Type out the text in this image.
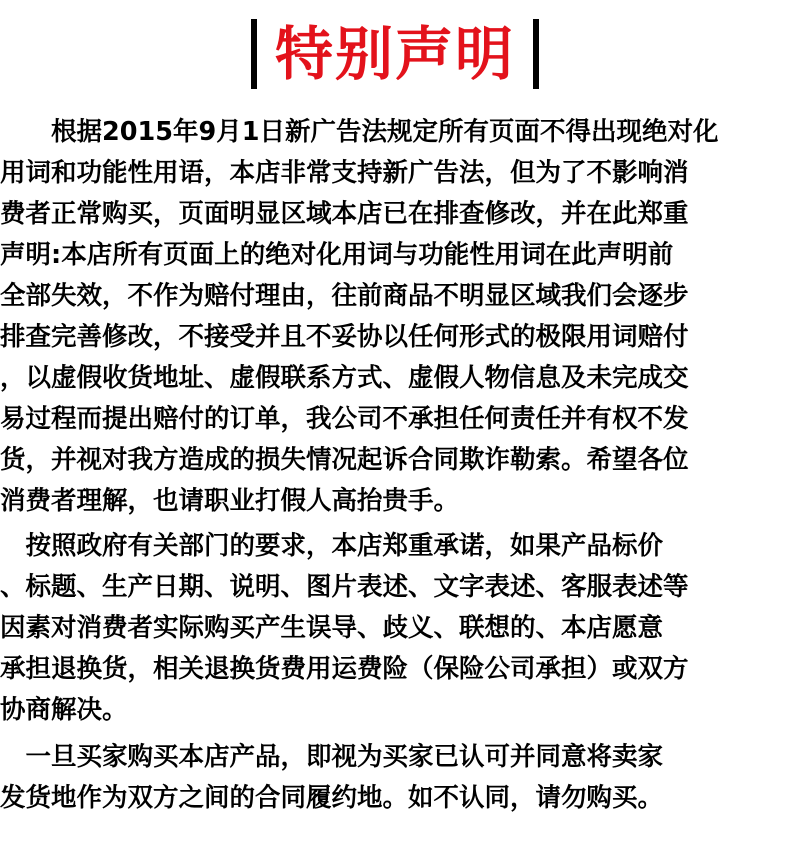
特别声明
　　根据2015年9月1日新广告法规定所有页面不得出现绝对化
用词和功能性用语，本店非常支持新广告法，但为了不影响消
费者正常购买，页面明显区域本店已在排查修改，并在此郑重
声明:本店所有页面上的绝对化用词与功能性用词在此声明前
全部失效，不作为赔付理由，往前商品不明显区域我们会逐步
排查完善修改，不接受并且不妥协以任何形式的极限用词赔付
，以虚假收货地址、虚假联系方式、虚假人物信息及未完成交
易过程而提出赔付的订单，我公司不承担任何责任并有权不发
货，并视对我方造成的损失情况起诉合同欺诈勒索。希望各位
消费者理解，也请职业打假人高抬贵手。
　按照政府有关部门的要求，本店郑重承诺，如果产品标价
、标题、生产日期、说明、图片表述、文字表述、客服表述等
因素对消费者实际购买产生误导、歧义、联想的、本店愿意
承担退换货，相关退换货费用运费险（保险公司承担）或双方
协商解决。
　一旦买家购买本店产品，即视为买家已认可并同意将卖家
发货地作为双方之间的合同履约地。如不认同，请勿购买。
